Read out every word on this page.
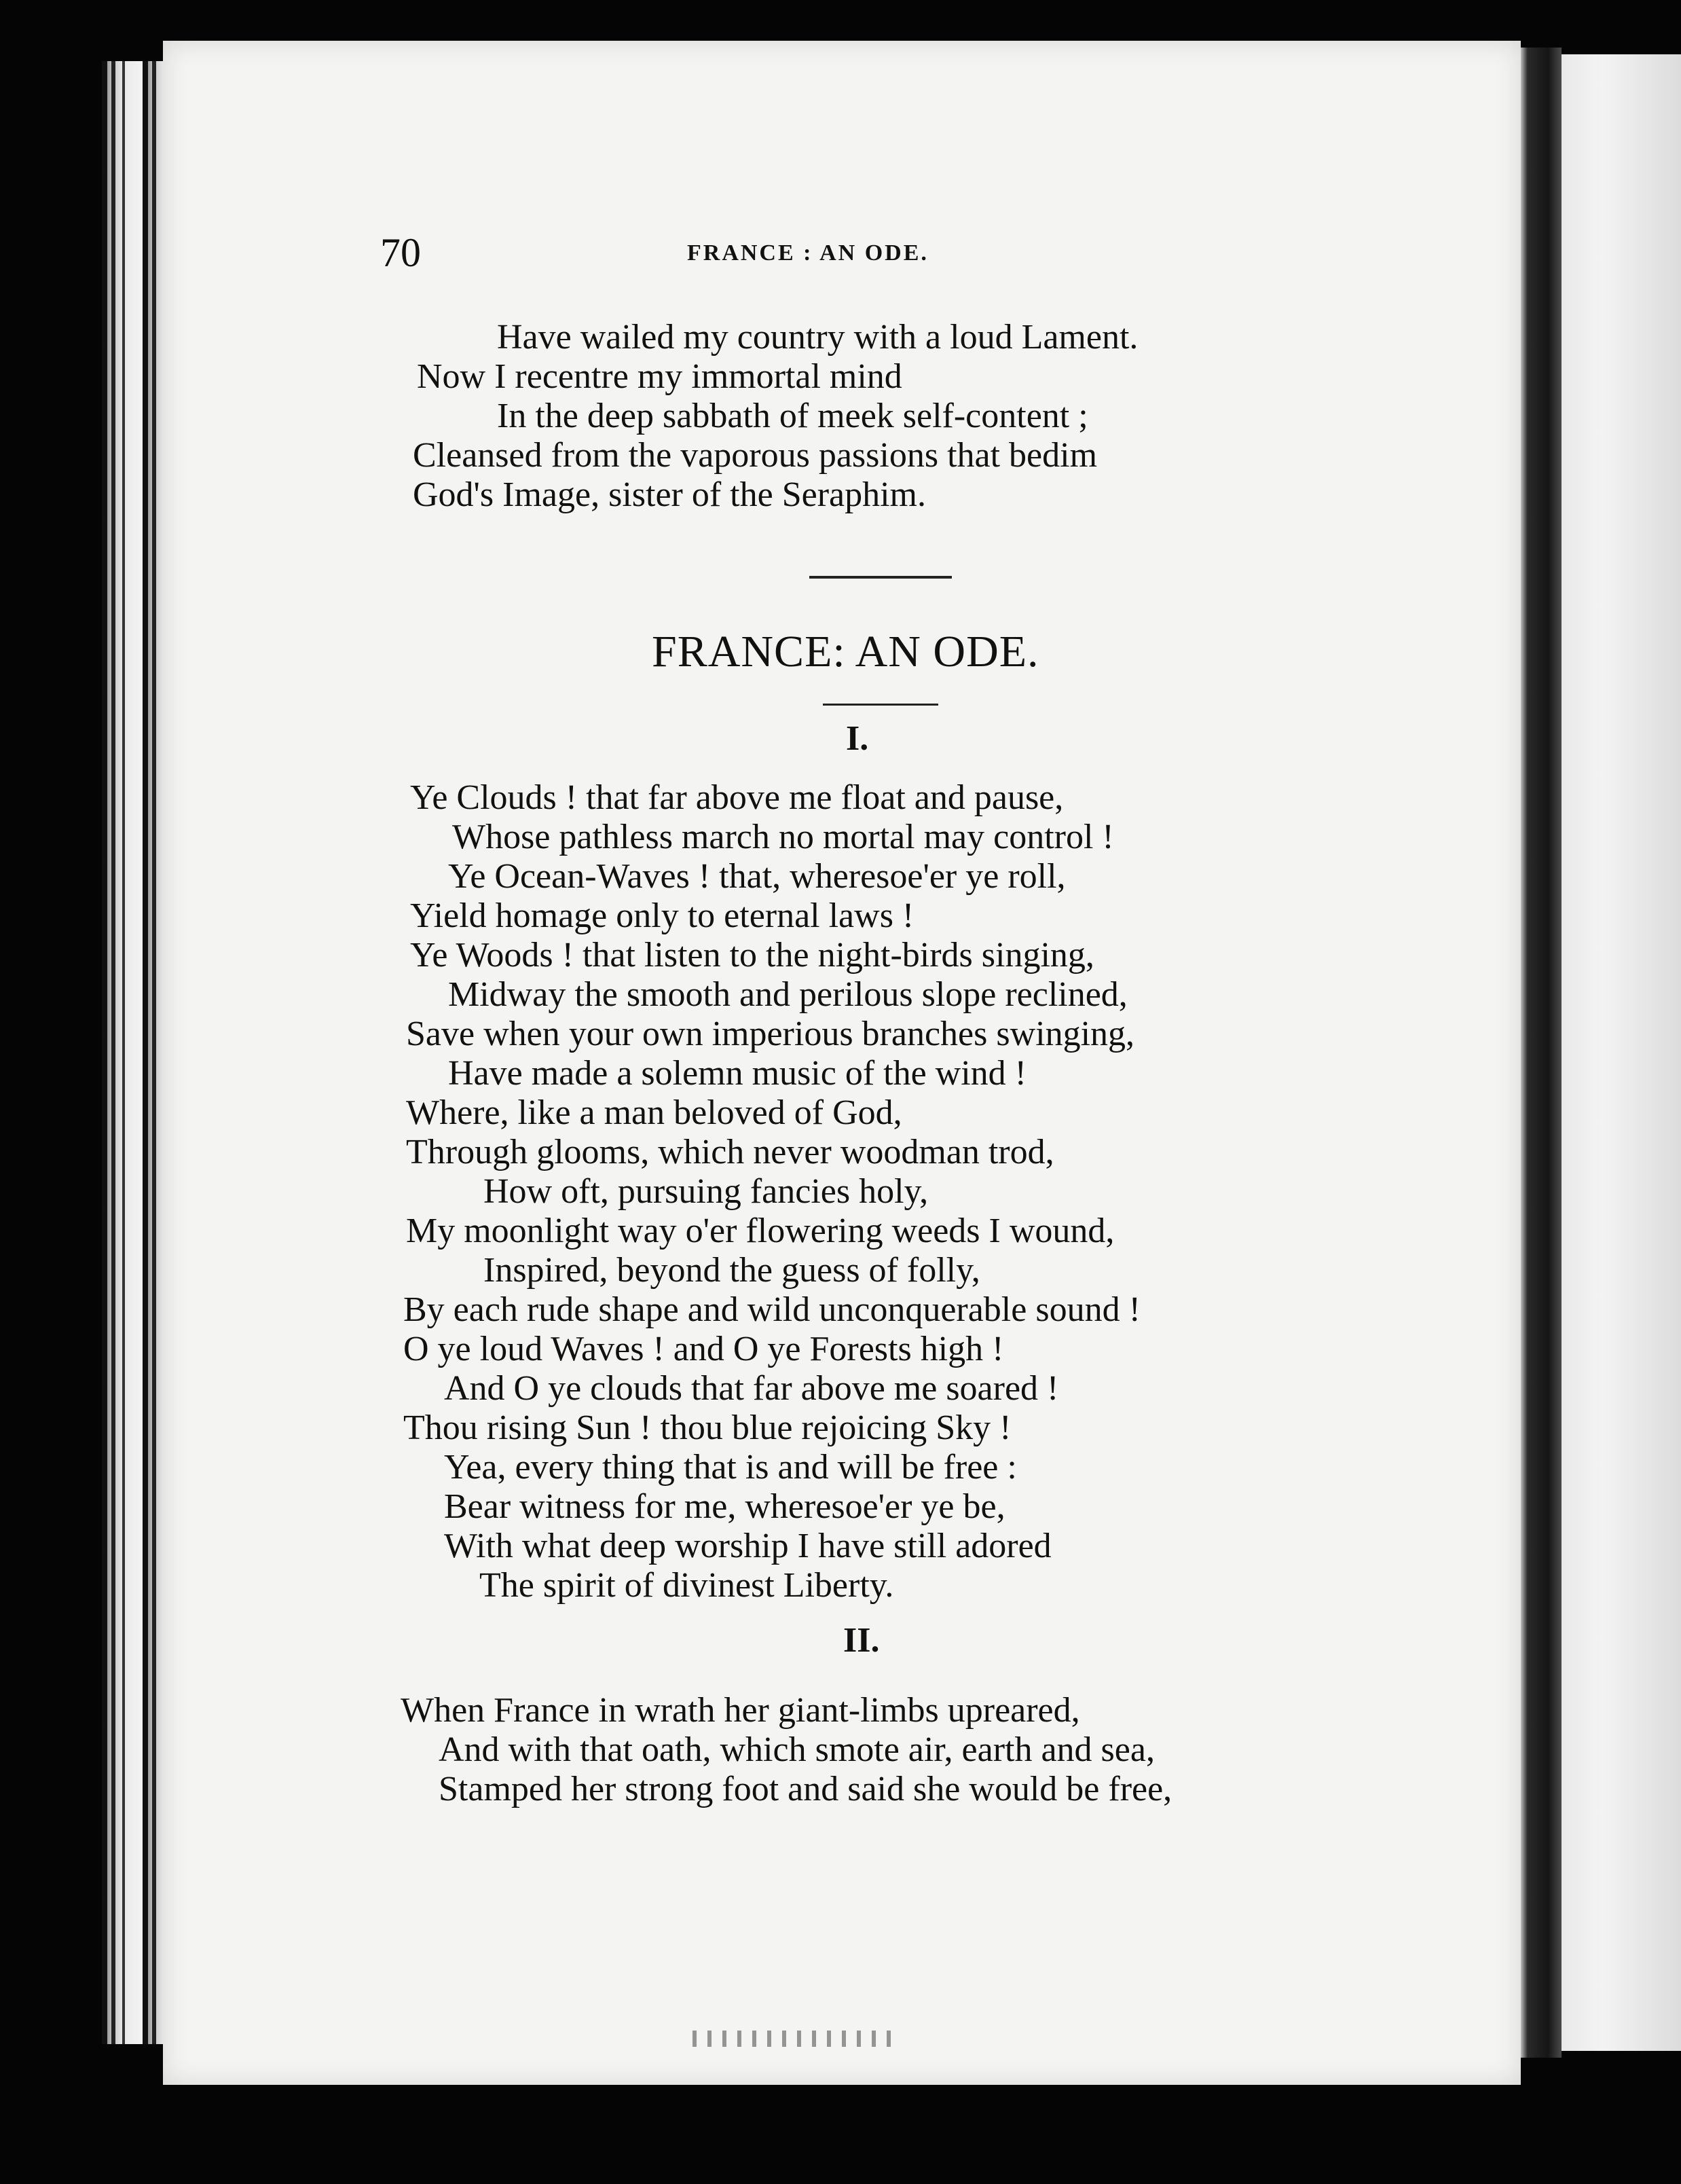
70	FRANCE : AN ODE.
Have wailed my country with a loud Lament.
Now I recentre my immortal mind
In the deep sabbath of meek self-content ;
Cleansed from the vaporous passions that bedim
God's Image, sister of the Seraphim.
FRANCE: AN ODE.
I.
Ye Clouds ! that far above me float and pause,
Whose pathless march no mortal may control !
Ye Ocean-Waves ! that, wheresoe'er ye roll,
Yield homage only to eternal laws !
Ye Woods ! that listen to the night-birds singing,
Midway the smooth and perilous slope reclined,
Save when your own imperious branches swinging,
Have made a solemn music of the wind !
Where, like a man beloved of God,
Through glooms, which never woodman trod,
How oft, pursuing fancies holy,
My moonlight way o'er flowering weeds I wound,
Inspired, beyond the guess of folly,
By each rude shape and wild unconquerable sound !
O ye loud Waves ! and O ye Forests high !
And O ye clouds that far above me soared !
Thou rising Sun ! thou blue rejoicing Sky !
Yea, every thing that is and will be free :
Bear witness for me, wheresoe'er ye be,
With what deep worship I have still adored
The spirit of divinest Liberty.
II.
When France in wrath her giant-limbs upreared,
And with that oath, which smote air, earth and sea,
Stamped her strong foot and said she would be free,
